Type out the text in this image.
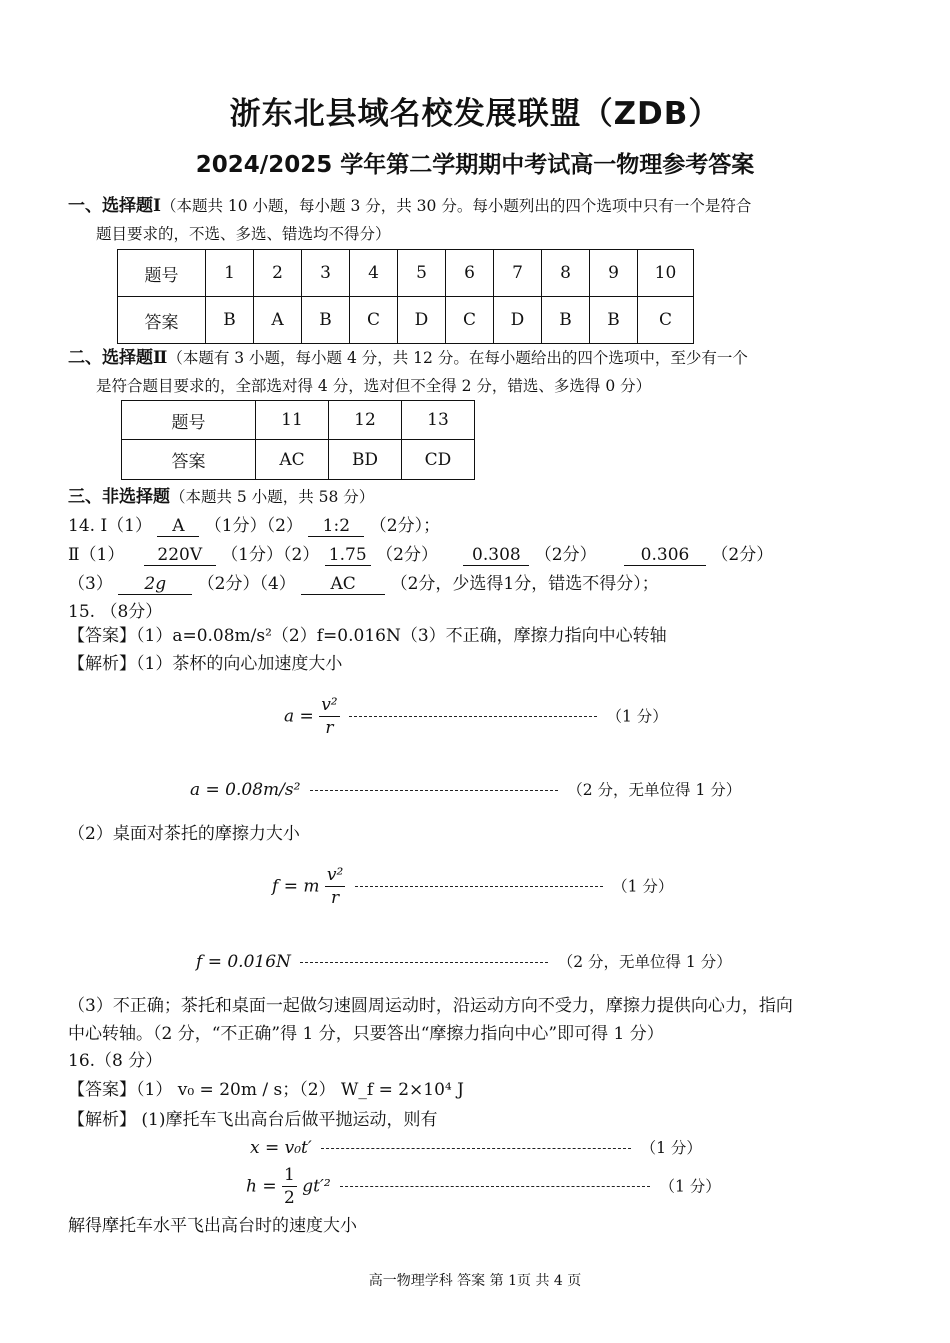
浙东北县域名校发展联盟（ZDB）
2024/2025 学年第二学期期中考试高一物理参考答案
一、选择题Ⅰ（本题共 10 小题，每小题 3 分，共 30 分。每小题列出的四个选项中只有一个是符合
题目要求的，不选、多选、错选均不得分）
题号	1	2	3	4	5	6	7	8	9	10
答案	B	A	B	C	D	C	D	B	B	C
二、选择题Ⅱ（本题有 3 小题，每小题 4 分，共 12 分。在每小题给出的四个选项中，至少有一个
是符合题目要求的，全部选对得 4 分，选对但不全得 2 分，错选、多选得 0 分）
题号	11	12	13
答案	AC	BD	CD
三、非选择题（本题共 5 小题，共 58 分）
14. Ⅰ（1） A （1分）（2） 1:2 （2分）；
Ⅱ（1） 220V （1分）（2） 1.75 （2分） 0.308 （2分）	0.306 （2分）
（3） 2g （2分）（4） AC （2分，少选得1分，错选不得分）；
15. （8分）
【答案】（1）a=0.08m/s²（2）f=0.016N（3）不正确，摩擦力指向中心转轴
【解析】（1）茶杯的向心加速度大小
$a = \frac{\text{v²}}{r}$	（1 分）
a = 0.08m/s²	（2 分，无单位得 1 分）
（2）桌面对茶托的摩擦力大小
f = m $\frac{\text{v²}}{r}$	（1 分）
f = 0.016N	（2 分，无单位得 1 分）
（3）不正确；茶托和桌面一起做匀速圆周运动时，沿运动方向不受力，摩擦力提供向心力，指向
中心转轴。（2 分，“不正确”得 1 分，只要答出“摩擦力指向中心”即可得 1 分）
16.（8 分）
【答案】（1） v₀ = 20m / s；（2） W_f = 2×10⁴ J
【解析】 (1)摩托车飞出高台后做平抛运动，则有
x = v₀t′	（1 分）
$h = \frac{1}{2} gt'^2$	（1 分）
解得摩托车水平飞出高台时的速度大小
高一物理学科 答案 第 1页 共 4 页
